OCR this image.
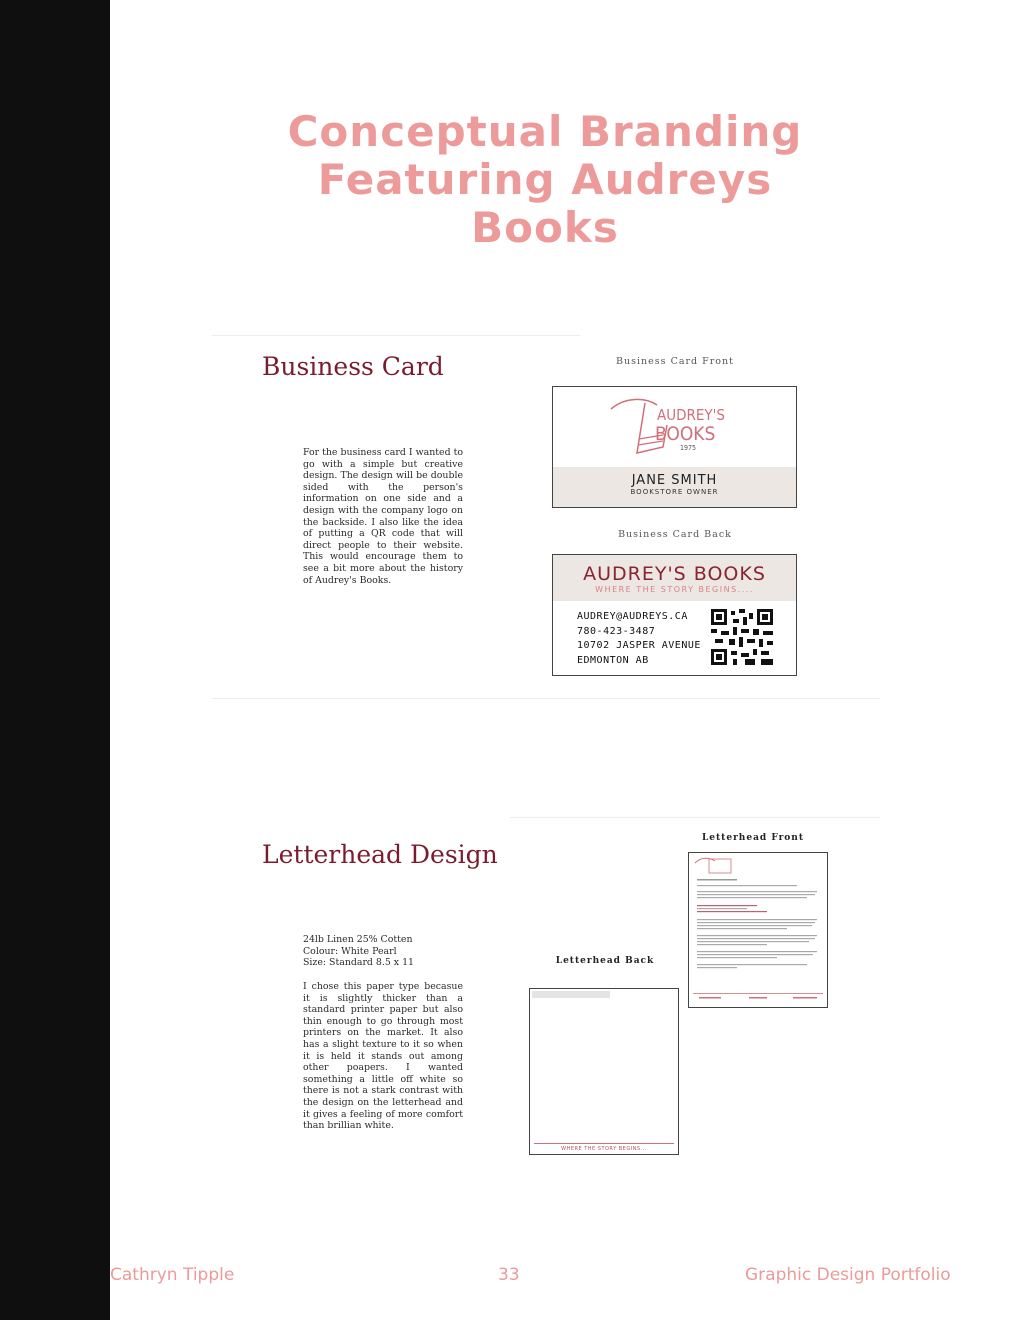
Conceptual Branding
Featuring Audreys
Books
Business Card

For the business card I wanted to go with a simple but creative design. The design will be double sided with the person's information on one side and a design with the company logo on the backside. I also like the idea of putting a QR code that will direct people to their website. This would encourage them to see a bit more about the history of Audrey's Books.

Business Card Front
AUDREY'S
BOOKS
1975
JANE SMITH
BOOKSTORE OWNER
Business Card Back
AUDREY'S BOOKS
WHERE THE STORY BEGINS....
AUDREY@AUDREYS.CA
780-423-3487
10702 JASPER AVENUE
EDMONTON AB
Letterhead Design

24lb Linen 25% Cotten

Colour: White Pearl

Size: Standard 8.5 x 11

I chose this paper type becasue it is slightly thicker than a standard printer paper but also thin enough to go through most printers on the market. It also has a slight texture to it so when it is held it stands out among other poapers. I wanted something a little off white so there is not a stark contrast with the design on the letterhead and it gives a feeling of more comfort than brillian white.

Letterhead Front
Letterhead Back
WHERE THE STORY BEGINS...
Cathryn Tipple	33	Graphic Design Portfolio
